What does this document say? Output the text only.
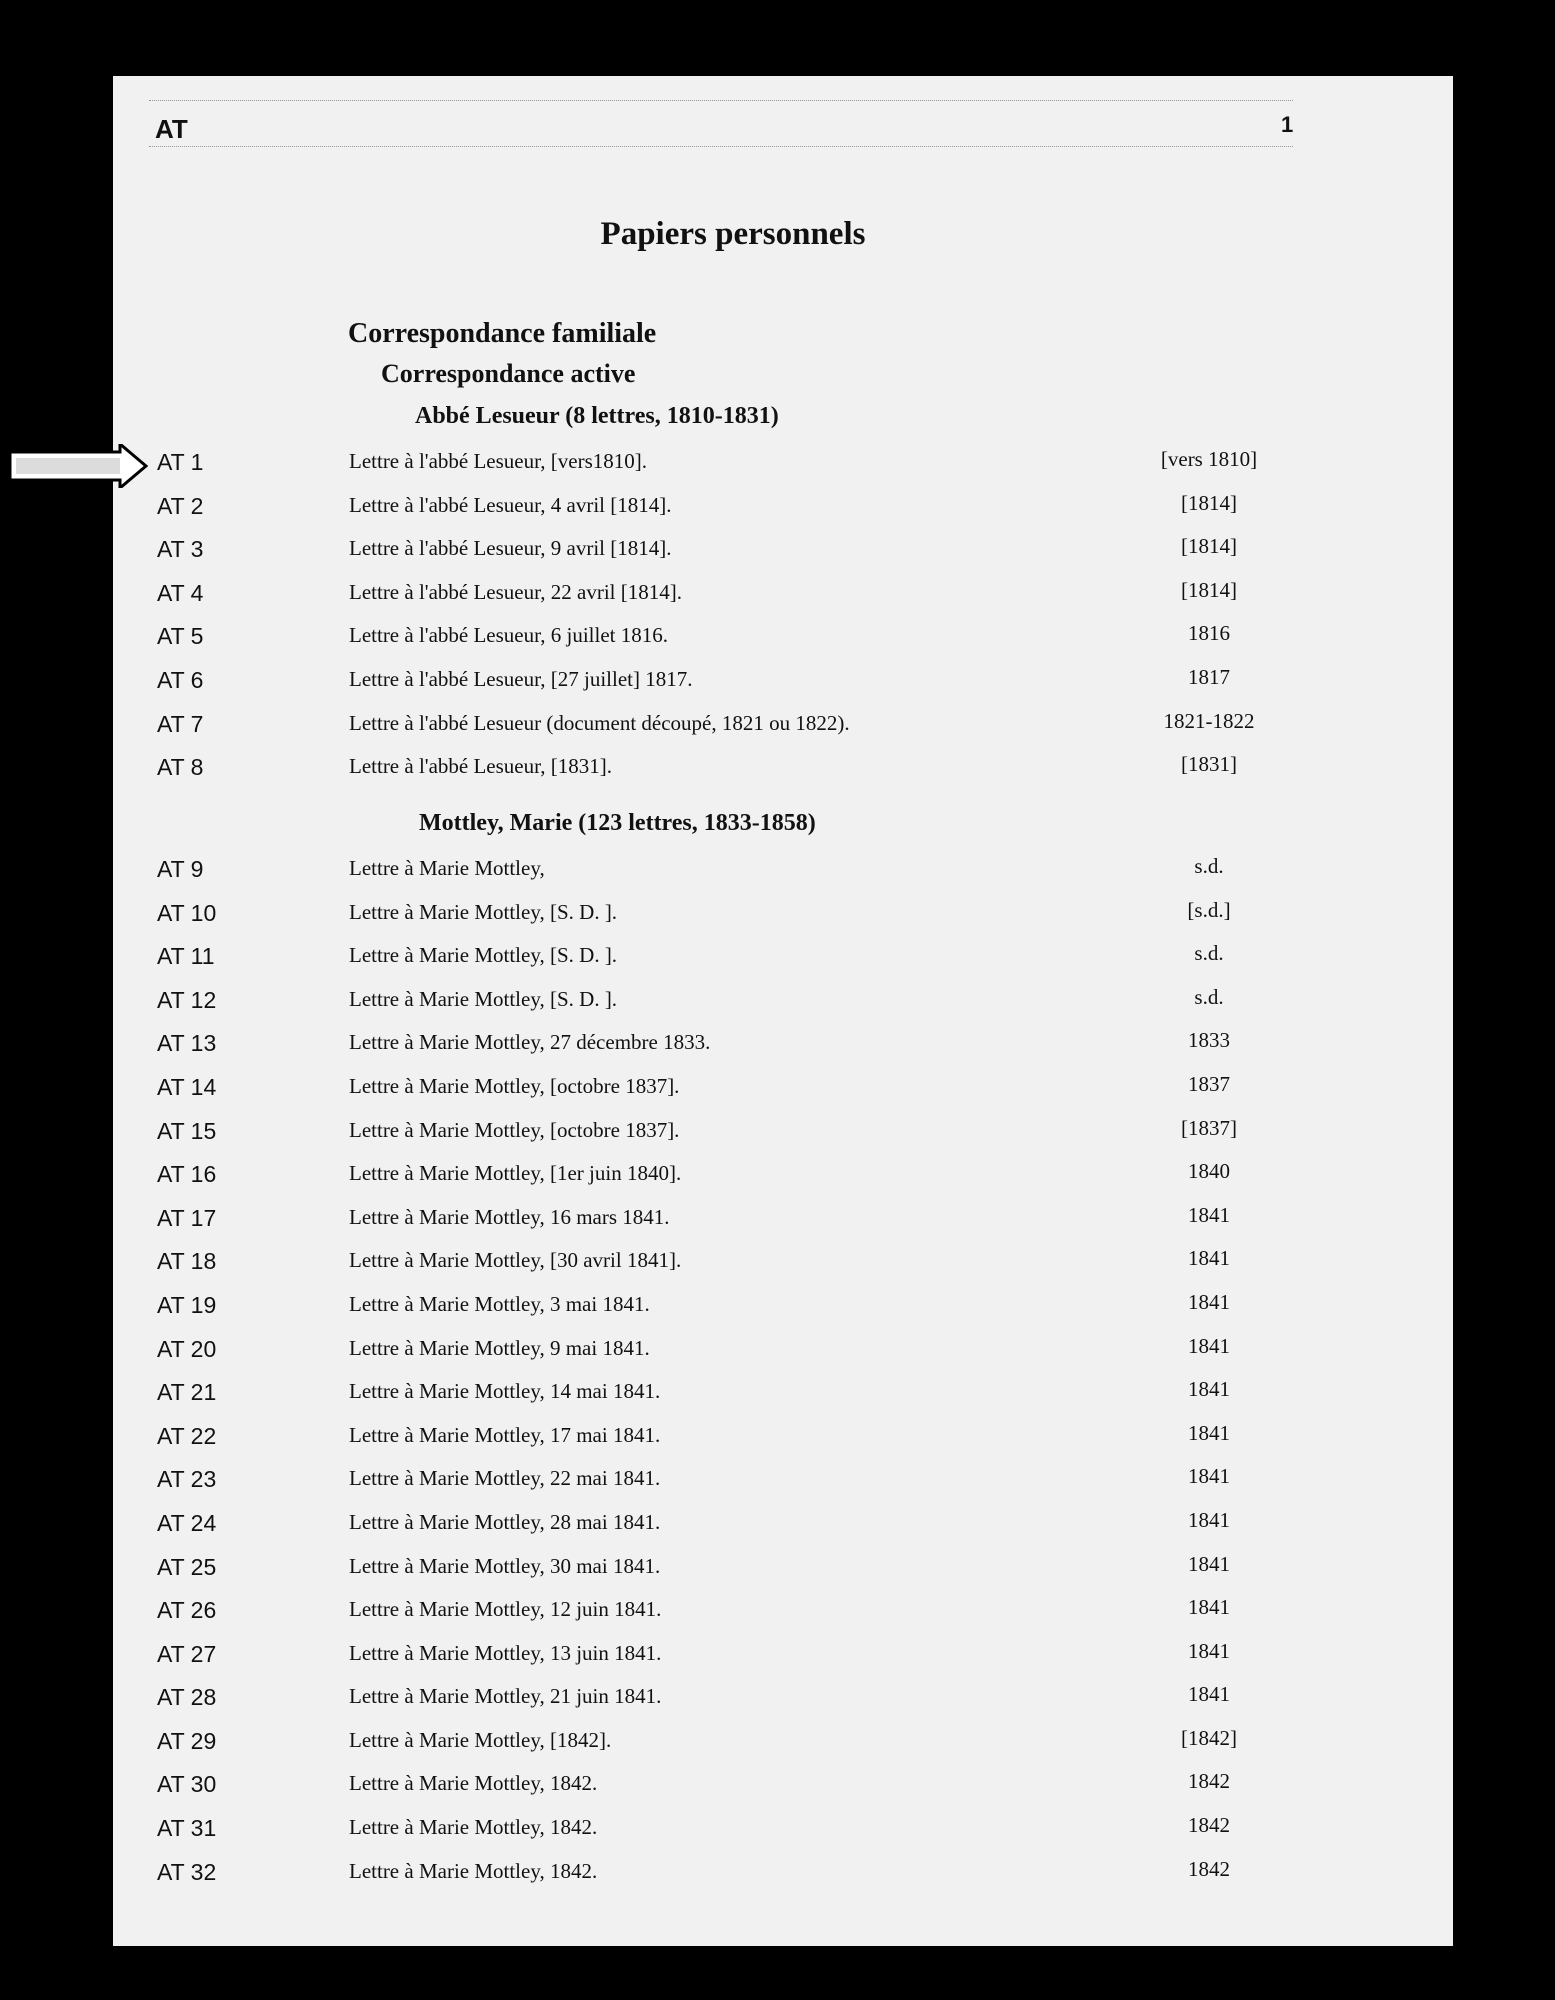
AT	1
Papiers personnels
Correspondance familiale
Correspondance active
Abbé Lesueur (8 lettres, 1810-1831)
AT 1	Lettre à l'abbé Lesueur, [vers1810].	[vers 1810]
AT 2	Lettre à l'abbé Lesueur, 4 avril [1814].	[1814]
AT 3	Lettre à l'abbé Lesueur, 9 avril [1814].	[1814]
AT 4	Lettre à l'abbé Lesueur, 22 avril [1814].	[1814]
AT 5	Lettre à l'abbé Lesueur, 6 juillet 1816.	1816
AT 6	Lettre à l'abbé Lesueur, [27 juillet] 1817.	1817
AT 7	Lettre à l'abbé Lesueur (document découpé, 1821 ou 1822).	1821-1822
AT 8	Lettre à l'abbé Lesueur, [1831].	[1831]
Mottley, Marie (123 lettres, 1833-1858)
AT 9	Lettre à Marie Mottley,	s.d.
AT 10	Lettre à Marie Mottley, [S. D. ].	[s.d.]
AT 11	Lettre à Marie Mottley, [S. D. ].	s.d.
AT 12	Lettre à Marie Mottley, [S. D. ].	s.d.
AT 13	Lettre à Marie Mottley, 27 décembre 1833.	1833
AT 14	Lettre à Marie Mottley, [octobre 1837].	1837
AT 15	Lettre à Marie Mottley, [octobre 1837].	[1837]
AT 16	Lettre à Marie Mottley, [1er juin 1840].	1840
AT 17	Lettre à Marie Mottley, 16 mars 1841.	1841
AT 18	Lettre à Marie Mottley, [30 avril 1841].	1841
AT 19	Lettre à Marie Mottley, 3 mai 1841.	1841
AT 20	Lettre à Marie Mottley, 9 mai 1841.	1841
AT 21	Lettre à Marie Mottley, 14 mai 1841.	1841
AT 22	Lettre à Marie Mottley, 17 mai 1841.	1841
AT 23	Lettre à Marie Mottley, 22 mai 1841.	1841
AT 24	Lettre à Marie Mottley, 28 mai 1841.	1841
AT 25	Lettre à Marie Mottley, 30 mai 1841.	1841
AT 26	Lettre à Marie Mottley, 12 juin 1841.	1841
AT 27	Lettre à Marie Mottley, 13 juin 1841.	1841
AT 28	Lettre à Marie Mottley, 21 juin 1841.	1841
AT 29	Lettre à Marie Mottley, [1842].	[1842]
AT 30	Lettre à Marie Mottley, 1842.	1842
AT 31	Lettre à Marie Mottley, 1842.	1842
AT 32	Lettre à Marie Mottley, 1842.	1842
